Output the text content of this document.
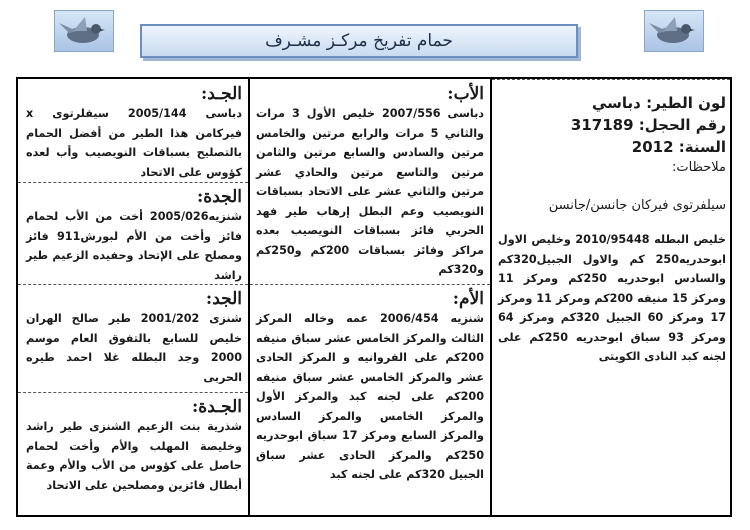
حمام تفريخ مركـز مشـرف
لون الطير: دباسي
رقم الحجل: 317189
السنة: 2012
ملاحظات:
سيلفرتوى فيركان جانسن/جانسن
خليص البطله 2010/95448 وخليص الاول ابوحدريه250 كم والاول الجبيل320كم والسادس ابوحدريه 250كم ومركز 11 ومركز 15 منيفه 200كم ومركز 11 ومركز 17 ومركز 60 الجبيل 320كم ومركز 64 ومركز 93 سباق ابوحدريه 250كم على لجنه كبد النادى الكويتى
الأب:
دباسى 2007/556 خليص الأول 3 مرات والثاني 5 مرات والرابع مرتين والخامس مرتين والسادس والسابع مرتين والثامن مرتين والتاسع مرتين والحادي عشر مرتين والثاني عشر على الاتحاد بسباقات النويصيب وعم البطل إرهاب طير فهد الحربي فائز بسباقات النويصيب بعده مراكز وفائز بسباقات 200كم و250كم و320كم
الأم:
شنزيه 2006/454 عمه وخاله المركز الثالث والمركز الخامس عشر سباق منيفه 200كم على الفروانيه و المركز الحادى عشر والمركز الخامس عشر سباق منيفه 200كم على لجنه كبد والمركز الأول والمركز الخامس والمركز السادس والمركز السابع ومركز 17 سباق ابوحدريه 250كم والمركز الحادى عشر سباق الجبيل 320كم على لجنه كبد
الجـد:
دباسى 2005/144 سيفلرتوى x فيركامن هذا الطير من أفضل الحمام بالتصليح بسباقات النويصيب وأب لعده كؤوس على الاتحاد
الجدة:
شنزيه2005/026 أخت من الأب لحمام فائز وأخت من الأم لبورش911 فائز ومصلح على الإتحاد وحفيده الزعيم طير راشد
الجد:
شنزى 2001/202 طير صالح الهران خليص للسابع بالتفوق العام موسم 2000 وجد البطله غلا احمد طيره الحربى
الجـدة:
شذرية بنت الزعيم الشنزى طير راشد وخليصة المهلب والأم وأخت لحمام حاصل على كؤوس من الأب والأم وعمة أبطال فائزين ومصلحين على الاتحاد
